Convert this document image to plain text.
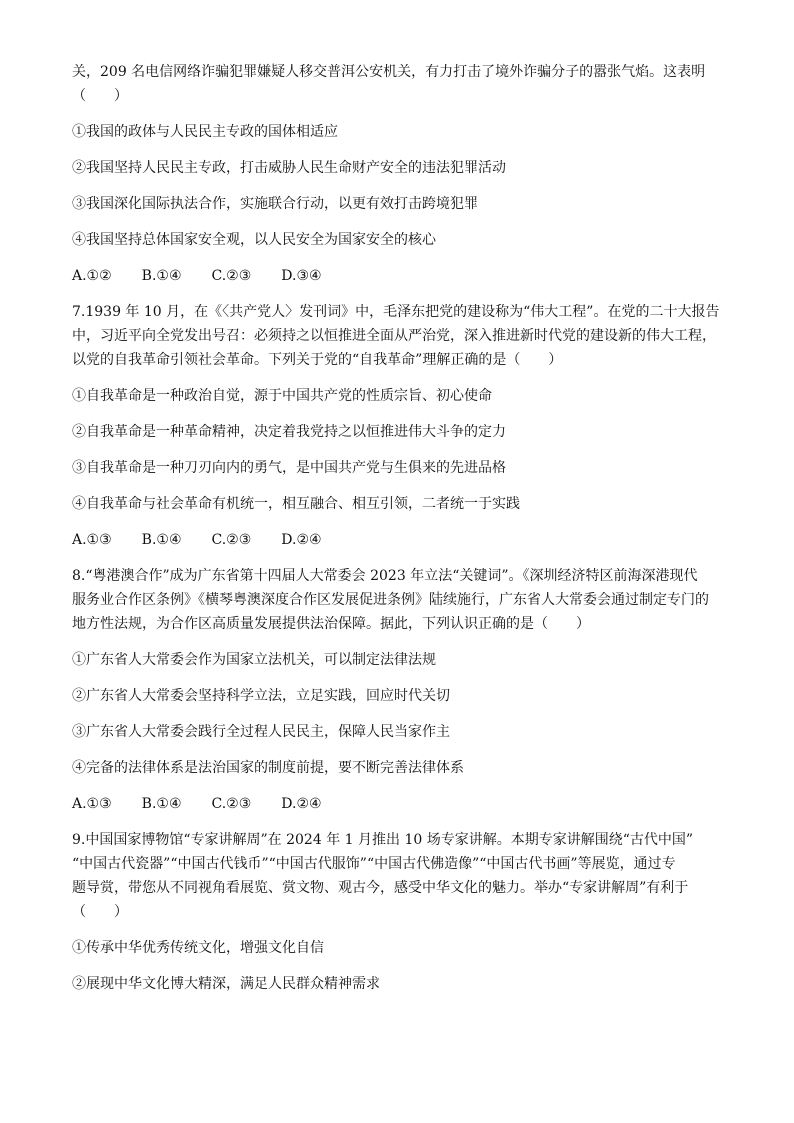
关，209 名电信网络诈骗犯罪嫌疑人移交普洱公安机关，有力打击了境外诈骗分子的嚣张气焰。这表明
（　　）

①我国的政体与人民民主专政的国体相适应

②我国坚持人民民主专政，打击威胁人民生命财产安全的违法犯罪活动

③我国深化国际执法合作，实施联合行动，以更有效打击跨境犯罪

④我国坚持总体国家安全观，以人民安全为国家安全的核心

A.①② B.①④ C.②③ D.③④

7.1939 年 10 月，在《〈共产党人〉发刊词》中，毛泽东把党的建设称为“伟大工程”。在党的二十大报告
中，习近平向全党发出号召：必须持之以恒推进全面从严治党，深入推进新时代党的建设新的伟大工程，
以党的自我革命引领社会革命。下列关于党的“自我革命”理解正确的是（　　）

①自我革命是一种政治自觉，源于中国共产党的性质宗旨、初心使命

②自我革命是一种革命精神，决定着我党持之以恒推进伟大斗争的定力

③自我革命是一种刀刃向内的勇气，是中国共产党与生俱来的先进品格

④自我革命与社会革命有机统一，相互融合、相互引领，二者统一于实践

A.①③ B.①④ C.②③ D.②④

8.“粤港澳合作”成为广东省第十四届人大常委会 2023 年立法“关键词”。《深圳经济特区前海深港现代
服务业合作区条例》《横琴粤澳深度合作区发展促进条例》陆续施行，广东省人大常委会通过制定专门的
地方性法规，为合作区高质量发展提供法治保障。据此，下列认识正确的是（　　）

①广东省人大常委会作为国家立法机关，可以制定法律法规

②广东省人大常委会坚持科学立法，立足实践，回应时代关切

③广东省人大常委会践行全过程人民民主，保障人民当家作主

④完备的法律体系是法治国家的制度前提，要不断完善法律体系

A.①③ B.①④ C.②③ D.②④

9.中国国家博物馆“专家讲解周”在 2024 年 1 月推出 10 场专家讲解。本期专家讲解围绕“古代中国”
“中国古代瓷器”“中国古代钱币”“中国古代服饰”“中国古代佛造像”“中国古代书画”等展览，通过专
题导赏，带您从不同视角看展览、赏文物、观古今，感受中华文化的魅力。举办“专家讲解周”有利于
（　　）

①传承中华优秀传统文化，增强文化自信

②展现中华文化博大精深，满足人民群众精神需求
